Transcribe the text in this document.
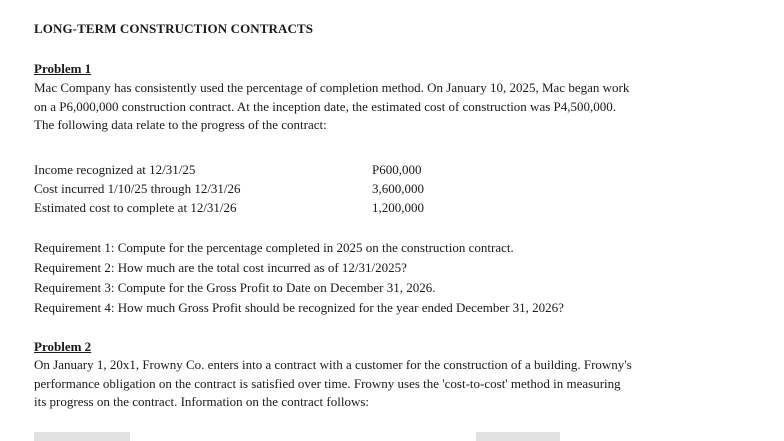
LONG-TERM CONSTRUCTION CONTRACTS
Problem 1
Mac Company has consistently used the percentage of completion method. On January 10, 2025, Mac began work
on a P6,000,000 construction contract. At the inception date, the estimated cost of construction was P4,500,000.
The following data relate to the progress of the contract:
Income recognized at 12/31/25	P600,000
Cost incurred 1/10/25 through 12/31/26	3,600,000
Estimated cost to complete at 12/31/26	1,200,000
Requirement 1: Compute for the percentage completed in 2025 on the construction contract.
Requirement 2: How much are the total cost incurred as of 12/31/2025?
Requirement 3: Compute for the Gross Profit to Date on December 31, 2026.
Requirement 4: How much Gross Profit should be recognized for the year ended December 31, 2026?
Problem 2
On January 1, 20x1, Frowny Co. enters into a contract with a customer for the construction of a building. Frowny's
performance obligation on the contract is satisfied over time. Frowny uses the 'cost-to-cost' method in measuring
its progress on the contract. Information on the contract follows:
